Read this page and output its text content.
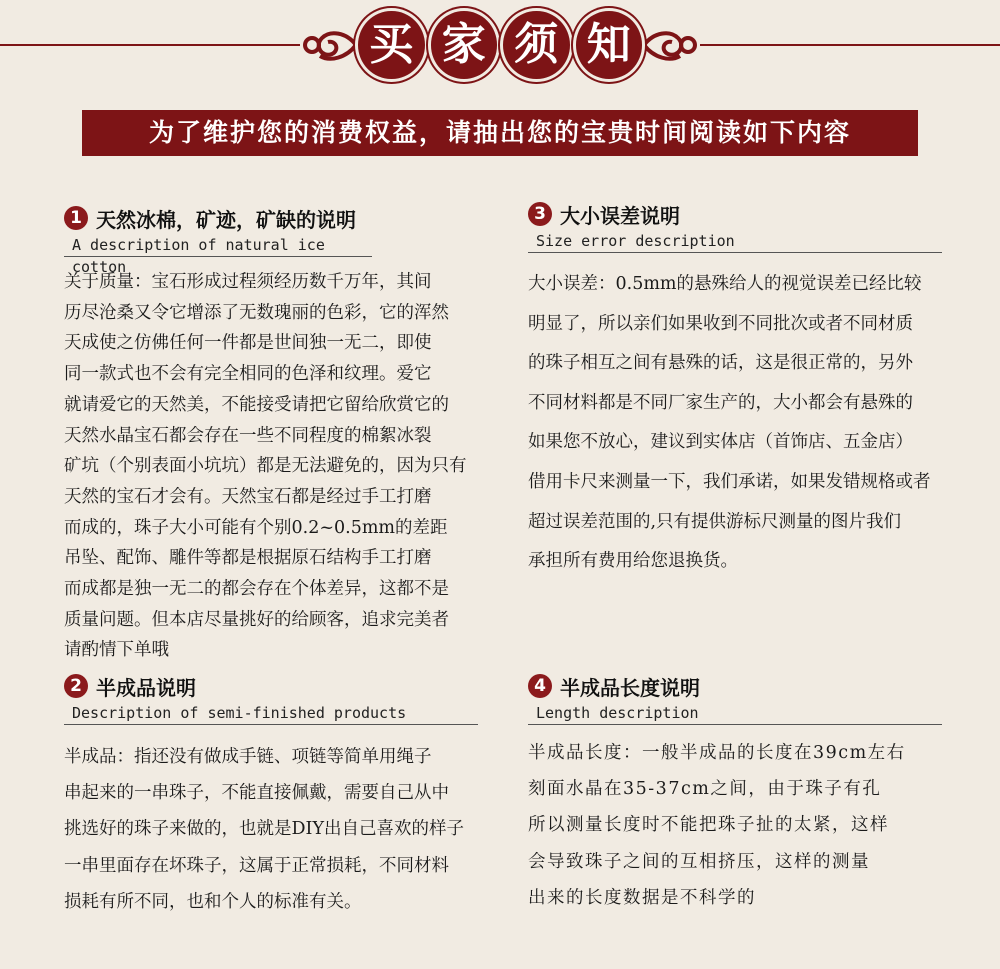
买 家 须 知
为了维护您的消费权益，请抽出您的宝贵时间阅读如下内容
1 天然冰棉，矿迹，矿缺的说明
A description of natural ice cotton
关于质量：宝石形成过程须经历数千万年，其间
历尽沧桑又令它增添了无数瑰丽的色彩，它的浑然
天成使之仿佛任何一件都是世间独一无二，即使
同一款式也不会有完全相同的色泽和纹理。爱它
就请爱它的天然美，不能接受请把它留给欣赏它的
天然水晶宝石都会存在一些不同程度的棉絮冰裂
矿坑（个别表面小坑坑）都是无法避免的，因为只有
天然的宝石才会有。天然宝石都是经过手工打磨
而成的，珠子大小可能有个别0.2~0.5mm的差距
吊坠、配饰、雕件等都是根据原石结构手工打磨
而成都是独一无二的都会存在个体差异，这都不是
质量问题。但本店尽量挑好的给顾客，追求完美者
请酌情下单哦
2 半成品说明
Description of semi-finished products
半成品：指还没有做成手链、项链等简单用绳子
串起来的一串珠子，不能直接佩戴，需要自己从中
挑选好的珠子来做的，也就是DIY出自己喜欢的样子
一串里面存在坏珠子，这属于正常损耗，不同材料
损耗有所不同，也和个人的标准有关。
3 大小误差说明
Size error description
大小误差：0.5mm的悬殊给人的视觉误差已经比较
明显了，所以亲们如果收到不同批次或者不同材质
的珠子相互之间有悬殊的话，这是很正常的，另外
不同材料都是不同厂家生产的，大小都会有悬殊的
如果您不放心，建议到实体店（首饰店、五金店）
借用卡尺来测量一下，我们承诺，如果发错规格或者
超过误差范围的,只有提供游标尺测量的图片我们
承担所有费用给您退换货。
4 半成品长度说明
Length description
半成品长度：一般半成品的长度在39cm左右
刻面水晶在35-37cm之间，由于珠子有孔
所以测量长度时不能把珠子扯的太紧，这样
会导致珠子之间的互相挤压，这样的测量
出来的长度数据是不科学的
